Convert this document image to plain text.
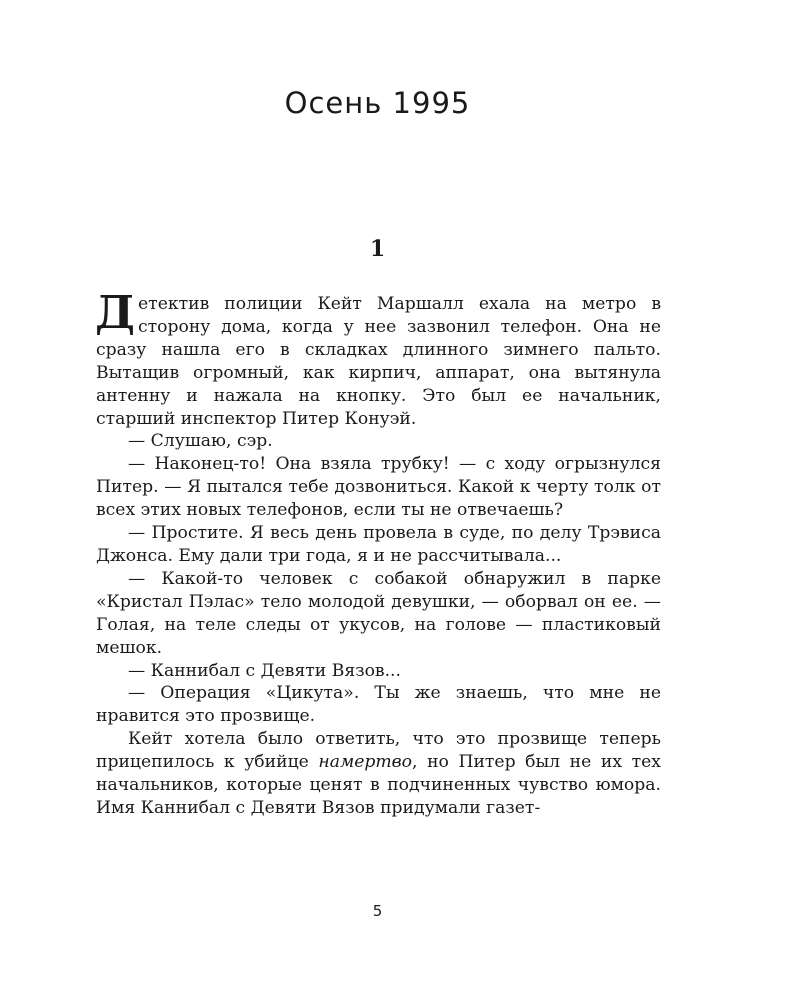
Осень 1995
1

Детектив полиции Кейт Маршалл ехала на метро в сторону дома, когда у нее зазвонил телефон. Она не сразу нашла его в складках длинного зимнего пальто. Вытащив огромный, как кирпич, аппарат, она вытянула антенну и нажала на кнопку. Это был ее начальник, старший инспектор Питер Конуэй.

— Слушаю, сэр.

— Наконец-то! Она взяла трубку! — с ходу огрызнулся Питер. — Я пытался тебе дозвониться. Какой к черту толк от всех этих новых телефонов, если ты не отвечаешь?

— Простите. Я весь день провела в суде, по делу Трэвиса Джонса. Ему дали три года, я и не рассчитывала...

— Какой-то человек с собакой обнаружил в парке «Кристал Пэлас» тело молодой девушки, — оборвал он ее. — Голая, на теле следы от укусов, на голове — пластиковый мешок.

— Каннибал с Девяти Вязов...

— Операция «Цикута». Ты же знаешь, что мне не нравится это прозвище.

Кейт хотела было ответить, что это прозвище теперь прицепилось к убийце намертво, но Питер был не их тех начальников, которые ценят в подчиненных чувство юмора. Имя Каннибал с Девяти Вязов придумали газет-

5
